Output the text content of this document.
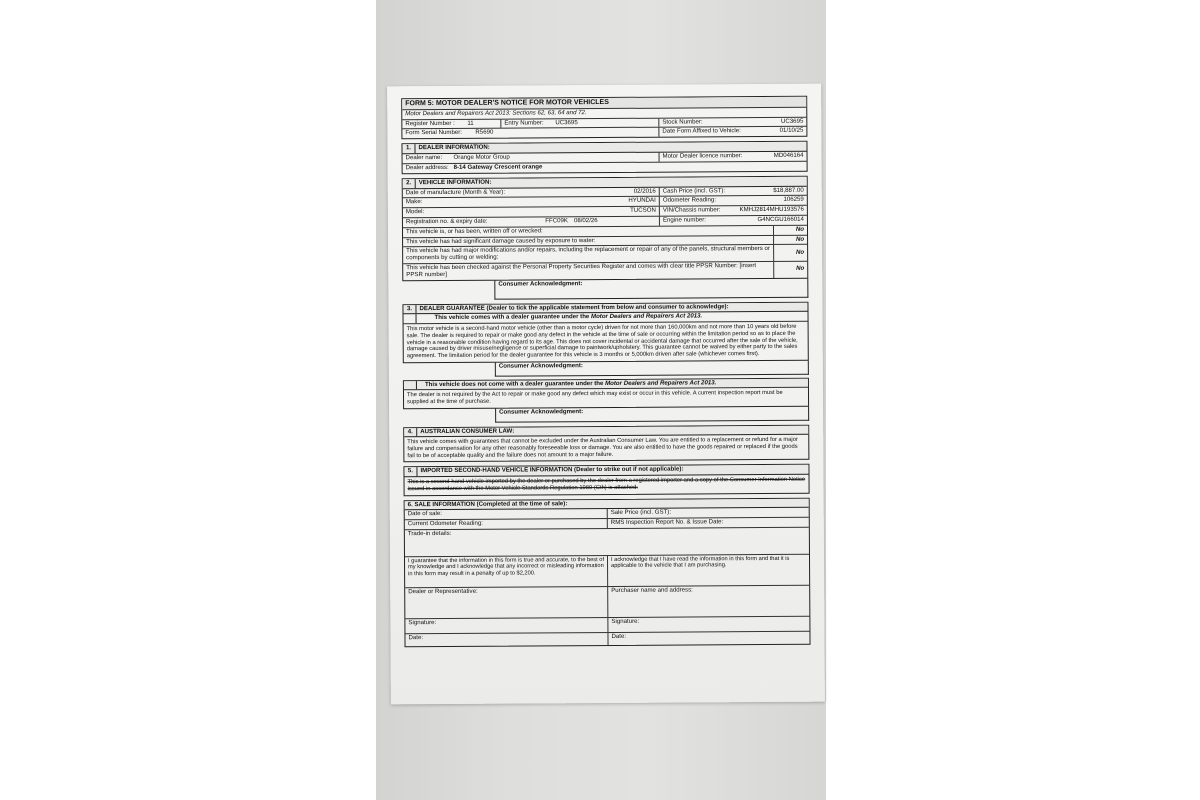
FORM 5: MOTOR DEALER'S NOTICE FOR MOTOR VEHICLES
Motor Dealers and Repairers Act 2013: Sections 62, 63, 64 and 72.
Register Number :	11	Entry Number:	UC3695	Stock Number:	UC3695
Form Serial Number:	R5690	Date Form Affixed to Vehicle:	01/10/25
1.	DEALER INFORMATION:
Dealer name:	Orange Motor Group	Motor Dealer licence number:	MD046164
Dealer address: 8-14 Gateway Crescent orange
2.	VEHICLE INFORMATION:
Date of manufacture (Month & Year):	02/2016	Cash Price (incl. GST):	$18,887.00
Make:	HYUNDAI	Odometer Reading:	106259
Model:	TUCSON	VIN/Chassis number:	KMHJ2814MHU193576
Registration no. & expiry date:	FFC09K 08/02/26	Engine number:	G4NCGU166014
This vehicle is, or has been, written off or wrecked:	No
This vehicle has had significant damage caused by exposure to water:	No
This vehicle has had major modifications and/or repairs, including the replacement or repair of any of the panels, structural members or components by cutting or welding:
No
This vehicle has been checked against the Personal Property Securities Register and comes with clear title PPSR Number: [insert PPSR number]
No
Consumer Acknowledgment:
3.	DEALER GUARANTEE (Dealer to tick the applicable statement from below and consumer to acknowledge):
This vehicle comes with a dealer guarantee under the Motor Dealers and Repairers Act 2013.
This motor vehicle is a second-hand motor vehicle (other than a motor cycle) driven for not more than 160,000km and not more than 10 years old before sale. The dealer is required to repair or make good any defect in the vehicle at the time of sale or occurring within the limitation period so as to place the vehicle in a reasonable condition having regard to its age. This does not cover incidental or accidental damage that occurred after the sale of the vehicle, damage caused by driver misuse/negligence or superficial damage to paintwork/upholstery. This guarantee cannot be waived by either party to the sales agreement. The limitation period for the dealer guarantee for this vehicle is 3 months or 5,000km driven after sale (whichever comes first).
Consumer Acknowledgment:
This vehicle does not come with a dealer guarantee under the Motor Dealers and Repairers Act 2013.
The dealer is not required by the Act to repair or make good any defect which may exist or occur in this vehicle. A current inspection report must be supplied at the time of purchase.
Consumer Acknowledgment:
4.	AUSTRALIAN CONSUMER LAW:
This vehicle comes with guarantees that cannot be excluded under the Australian Consumer Law. You are entitled to a replacement or refund for a major failure and compensation for any other reasonably foreseeable loss or damage. You are also entitled to have the goods repaired or replaced if the goods fail to be of acceptable quality and the failure does not amount to a major failure.
5.	IMPORTED SECOND-HAND VEHICLE INFORMATION (Dealer to strike out if not applicable):
This is a second-hand vehicle imported by the dealer or purchased by the dealer from a registered importer and a copy of the Consumer Information Notice issued in accordance with the Motor Vehicle Standards Regulation 1989 (Cth) is attached.
6. SALE INFORMATION (Completed at the time of sale):
Date of sale:	Sale Price (incl. GST):
Current Odometer Reading:	RMS Inspection Report No. & Issue Date:
Trade-in details:
I guarantee that the information in this form is true and accurate, to the best of my knowledge and I acknowledge that any incorrect or misleading information in this form may result in a penalty of up to $2,200.
I acknowledge that I have read the information in this form and that it is applicable to the vehicle that I am purchasing.
Dealer or Representative:	Purchaser name and address:
Signature:	Signature:
Date:	Date:
